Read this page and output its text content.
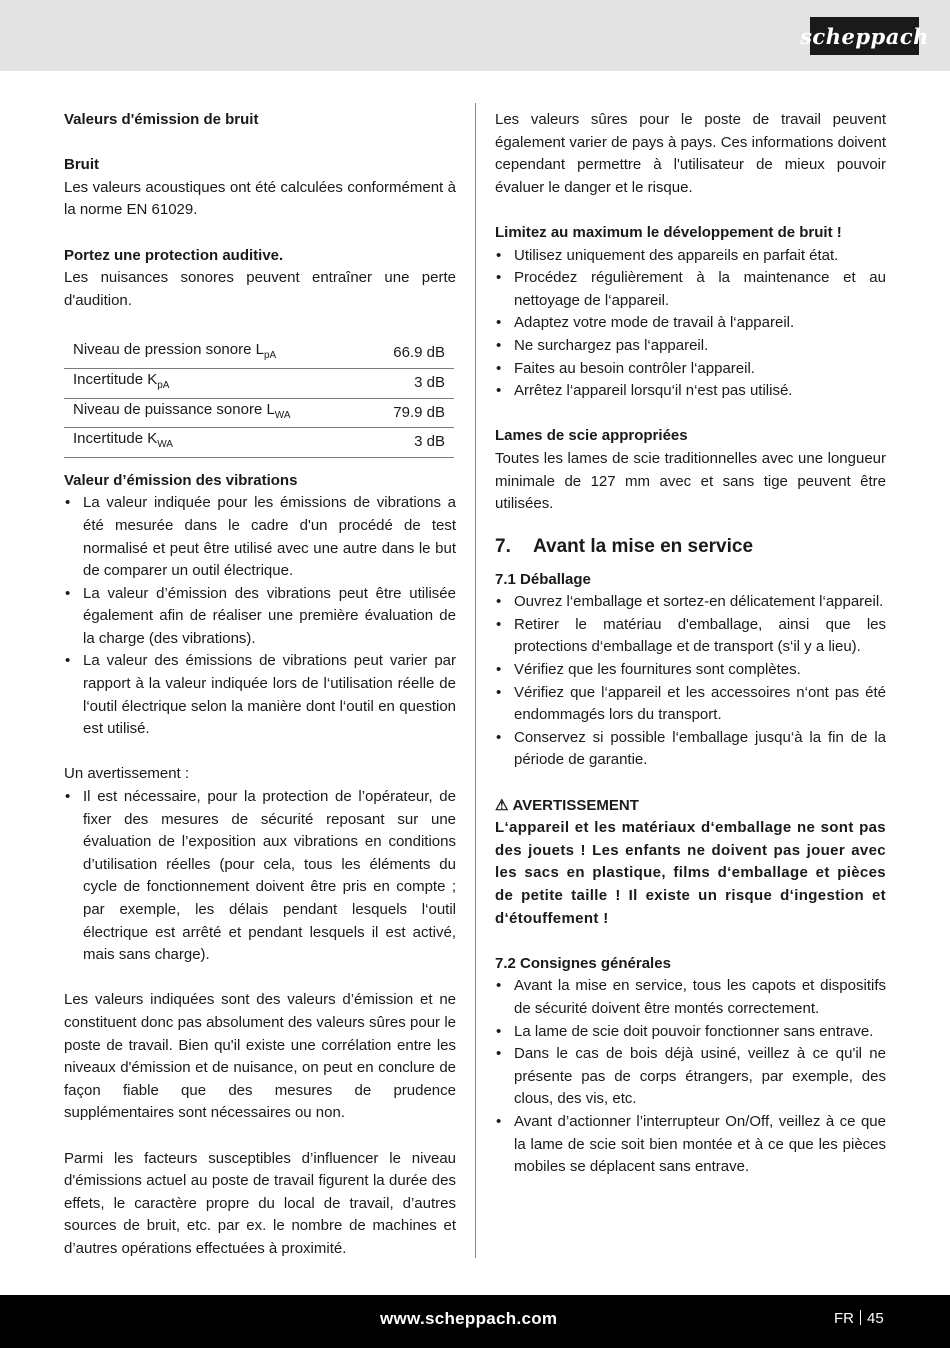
scheppach
Valeurs d'émission de bruit
Bruit
Les valeurs acoustiques ont été calculées conformément à la norme EN 61029.
Portez une protection auditive.
Les nuisances sonores peuvent entraîner une perte d'audition.
Niveau de pression sonore $L_{pA}$	66.9 dB
Incertitude $K_{pA}$	3 dB
Niveau de puissance sonore $L_{WA}$	79.9 dB
Incertitude $K_{WA}$	3 dB
Valeur d’émission des vibrations
• La valeur indiquée pour les émissions de vibrations a été mesurée dans le cadre d'un procédé de test normalisé et peut être utilisé avec une autre dans le but de comparer un outil électrique.
• La valeur d’émission des vibrations peut être utilisée également afin de réaliser une première évaluation de la charge (des vibrations).
• La valeur des émissions de vibrations peut varier par rapport à la valeur indiquée lors de l‘utilisation réelle de l‘outil électrique selon la manière dont l‘outil en question est utilisé.
Un avertissement :
• Il est nécessaire, pour la protection de l’opérateur, de fixer des mesures de sécurité reposant sur une évaluation de l’exposition aux vibrations en conditions d’utilisation réelles (pour cela, tous les éléments du cycle de fonctionnement doivent être pris en compte ; par exemple, les délais pendant lesquels l‘outil électrique est arrêté et pendant lesquels il est activé, mais sans charge).
Les valeurs indiquées sont des valeurs d’émission et ne constituent donc pas absolument des valeurs sûres pour le poste de travail. Bien qu'il existe une corrélation entre les niveaux d'émission et de nuisance, on peut en conclure de façon fiable que des mesures de prudence supplémentaires sont nécessaires ou non.
Parmi les facteurs susceptibles d’influencer le niveau d'émissions actuel au poste de travail figurent la durée des effets, le caractère propre du local de travail, d’autres sources de bruit, etc. par ex. le nombre de machines et d’autres opérations effectuées à proximité.
Les valeurs sûres pour le poste de travail peuvent également varier de pays à pays. Ces informations doivent cependant permettre à l'utilisateur de mieux pouvoir évaluer le danger et le risque.
Limitez au maximum le développement de bruit !
• Utilisez uniquement des appareils en parfait état.
• Procédez régulièrement à la maintenance et au nettoyage de l‘appareil.
• Adaptez votre mode de travail à l‘appareil.
• Ne surchargez pas l‘appareil.
• Faites au besoin contrôler l‘appareil.
• Arrêtez l‘appareil lorsqu‘il n‘est pas utilisé.
Lames de scie appropriées
Toutes les lames de scie traditionnelles avec une longueur minimale de 127 mm avec et sans tige peuvent être utilisées.
7. Avant la mise en service
7.1 Déballage
• Ouvrez l‘emballage et sortez-en délicatement l‘appareil.
• Retirer le matériau d'emballage, ainsi que les protections d‘emballage et de transport (s‘il y a lieu).
• Vérifiez que les fournitures sont complètes.
• Vérifiez que l‘appareil et les accessoires n‘ont pas été endommagés lors du transport.
• Conservez si possible l‘emballage jusqu‘à la fin de la période de garantie.
⚠ AVERTISSEMENT
L‘appareil et les matériaux d‘emballage ne sont pas des jouets ! Les enfants ne doivent pas jouer avec les sacs en plastique, films d‘emballage et pièces de petite taille ! Il existe un risque d‘ingestion et d‘étouffement !
7.2 Consignes générales
• Avant la mise en service, tous les capots et dispositifs de sécurité doivent être montés correctement.
• La lame de scie doit pouvoir fonctionner sans entrave.
• Dans le cas de bois déjà usiné, veillez à ce qu'il ne présente pas de corps étrangers, par exemple, des clous, des vis, etc.
• Avant d’actionner l’interrupteur On/Off, veillez à ce que la lame de scie soit bien montée et à ce que les pièces mobiles se déplacent sans entrave.
www.scheppach.com	FR 45
